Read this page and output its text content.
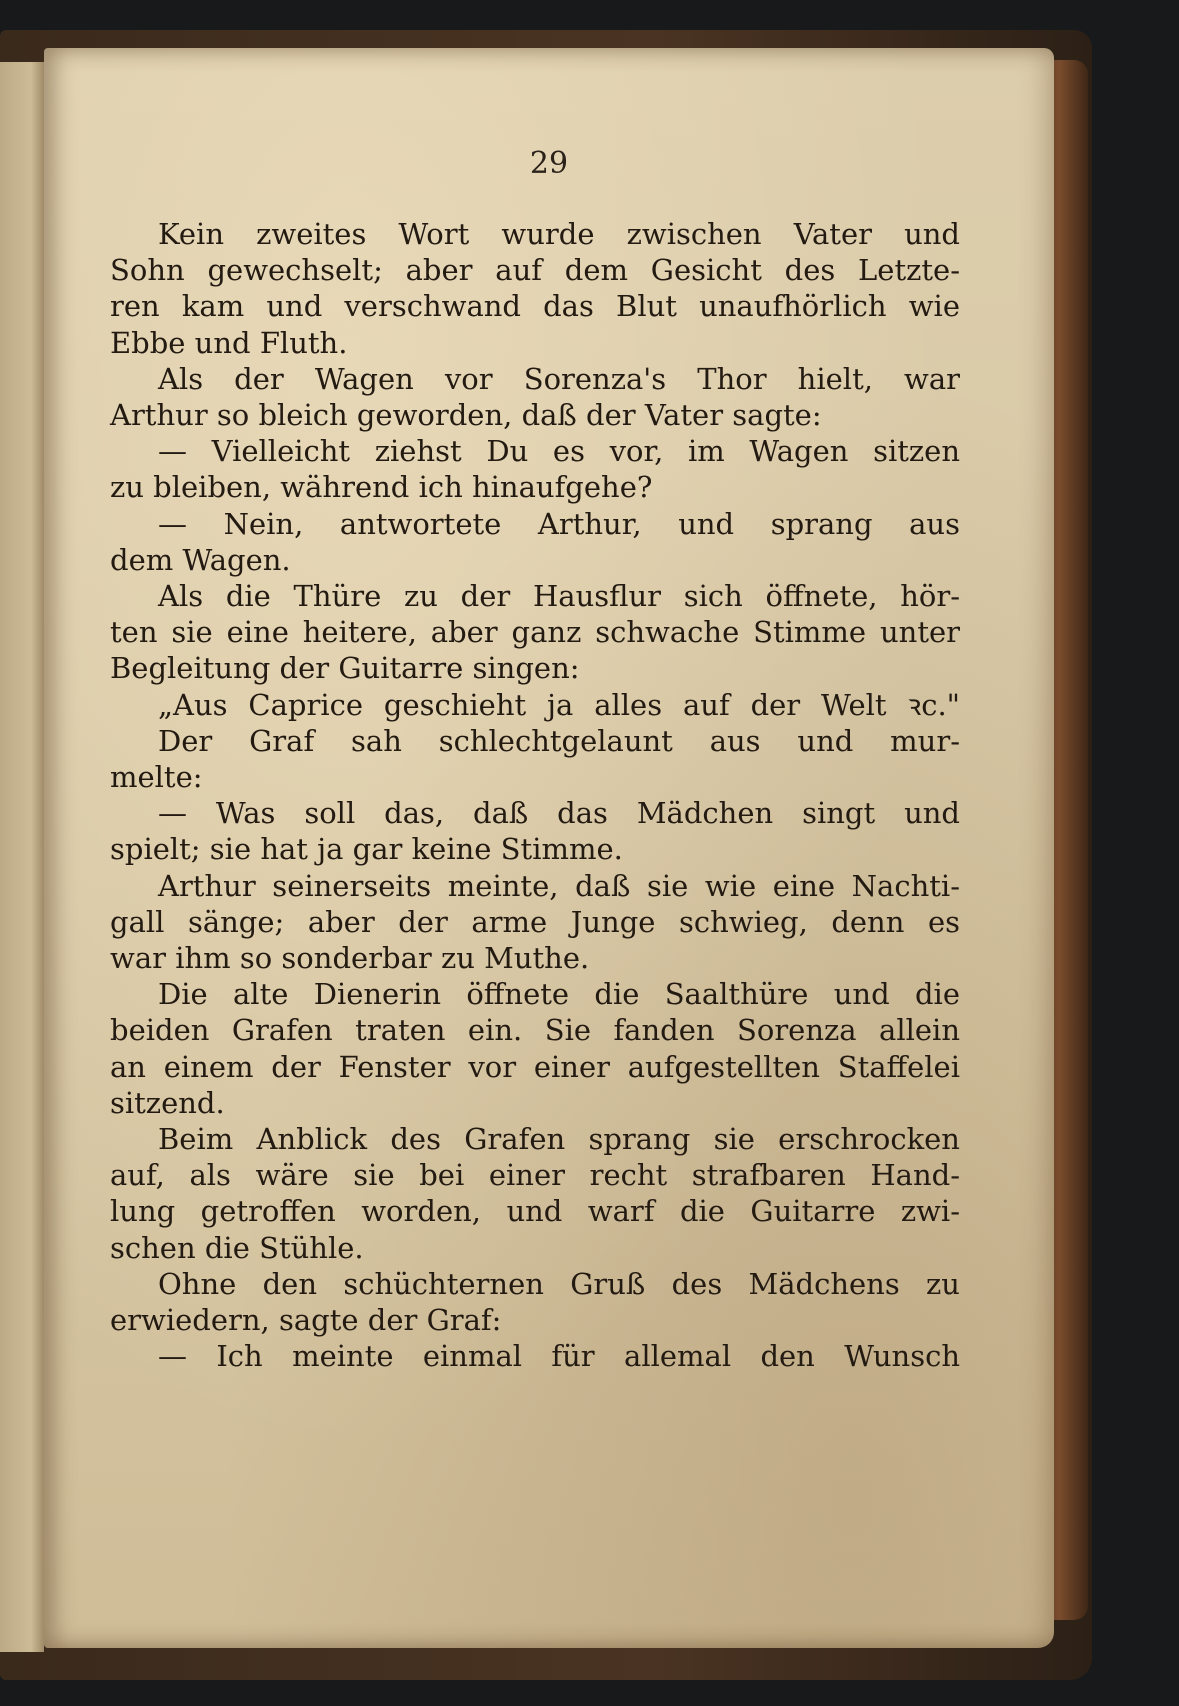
29
Kein zweites Wort wurde zwischen Vater und
Sohn gewechselt; aber auf dem Gesicht des Letzte-
ren kam und verschwand das Blut unaufhörlich wie
Ebbe und Fluth.
Als der Wagen vor Sorenza's Thor hielt, war
Arthur so bleich geworden, daß der Vater sagte:
— Vielleicht ziehst Du es vor, im Wagen sitzen
zu bleiben, während ich hinaufgehe?
— Nein, antwortete Arthur, und sprang aus
dem Wagen.
Als die Thüre zu der Hausflur sich öffnete, hör-
ten sie eine heitere, aber ganz schwache Stimme unter
Begleitung der Guitarre singen:
„Aus Caprice geschieht ja alles auf der Welt ꝛc."
Der Graf sah schlechtgelaunt aus und mur-
melte:
— Was soll das, daß das Mädchen singt und
spielt; sie hat ja gar keine Stimme.
Arthur seinerseits meinte, daß sie wie eine Nachti-
gall sänge; aber der arme Junge schwieg, denn es
war ihm so sonderbar zu Muthe.
Die alte Dienerin öffnete die Saalthüre und die
beiden Grafen traten ein. Sie fanden Sorenza allein
an einem der Fenster vor einer aufgestellten Staffelei
sitzend.
Beim Anblick des Grafen sprang sie erschrocken
auf, als wäre sie bei einer recht strafbaren Hand-
lung getroffen worden, und warf die Guitarre zwi-
schen die Stühle.
Ohne den schüchternen Gruß des Mädchens zu
erwiedern, sagte der Graf:
— Ich meinte einmal für allemal den Wunsch
